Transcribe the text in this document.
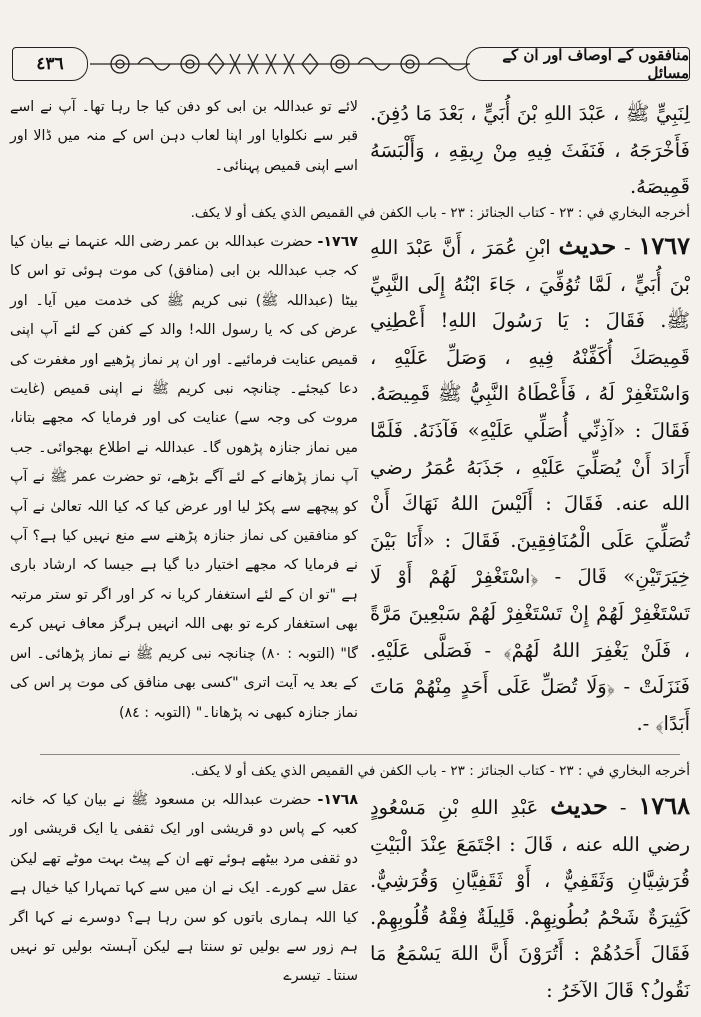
منافقوں کے اوصاف اور ان کے مسائل
٤٣٦
لِنَبِيٍّ ﷺ ، عَبْدَ اللهِ بْنَ أُبَيٍّ ، بَعْدَ مَا دُفِنَ. فَأَخْرَجَهُ ، فَنَفَثَ فِيهِ مِنْ رِيقِهِ ، وَأَلْبَسَهُ قَمِيصَهُ.
لائے تو عبداللہ بن ابی کو دفن کیا جا رہا تھا۔ آپ نے اسے قبر سے نکلوایا اور اپنا لعاب دہن اس کے منہ میں ڈالا اور اسے اپنی قمیص پہنائی۔
أخرجه البخاري في : ٢٣ - كتاب الجنائز : ٢٣ - باب الكفن في القميص الذي يكف أو لا يكف.
١٧٦٧ - حديث ابْنِ عُمَرَ ، أَنَّ عَبْدَ اللهِ بْنَ أُبَيٍّ ، لَمَّا تُوُفِّيَ ، جَاءَ ابْنُهُ إِلَى النَّبِيِّ ﷺ. فَقَالَ : يَا رَسُولَ اللهِ! أَعْطِنِي قَمِيصَكَ أُكَفِّنْهُ فِيهِ ، وَصَلِّ عَلَيْهِ ، وَاسْتَغْفِرْ لَهُ ، فَأَعْطَاهُ النَّبِيُّ ﷺ قَمِيصَهُ. فَقَالَ : «آذِنِّي أُصَلِّي عَلَيْهِ» فَآذَنَهُ. فَلَمَّا أَرَادَ أَنْ يُصَلِّيَ عَلَيْهِ ، جَذَبَهُ عُمَرُ رضي الله عنه. فَقَالَ : أَلَيْسَ اللهُ نَهَاكَ أَنْ تُصَلِّيَ عَلَى الْمُنَافِقِينَ. فَقَالَ : «أَنَا بَيْنَ خِيَرَتَيْنِ» قَالَ - ﴿اسْتَغْفِرْ لَهُمْ أَوْ لَا تَسْتَغْفِرْ لَهُمْ إِنْ تَسْتَغْفِرْ لَهُمْ سَبْعِينَ مَرَّةً ، فَلَنْ يَغْفِرَ اللهُ لَهُمْ﴾ - فَصَلَّى عَلَيْهِ. فَنَزَلَتْ - ﴿وَلَا تُصَلِّ عَلَى أَحَدٍ مِنْهُمْ مَاتَ أَبَدًا﴾ -.
١٧٦٧- حضرت عبداللہ بن عمر رضی اللہ عنہما نے بیان کیا کہ جب عبداللہ بن ابی (منافق) کی موت ہوئی تو اس کا بیٹا (عبداللہ ﷺ) نبی کریم ﷺ کی خدمت میں آیا۔ اور عرض کی کہ یا رسول اللہ! والد کے کفن کے لئے آپ اپنی قمیص عنایت فرمائیے۔ اور ان پر نماز پڑھیے اور مغفرت کی دعا کیجئے۔ چنانچہ نبی کریم ﷺ نے اپنی قمیص (غایت مروت کی وجہ سے) عنایت کی اور فرمایا کہ مجھے بتانا، میں نماز جنازہ پڑھوں گا۔ عبداللہ نے اطلاع بھجوائی۔ جب آپ نماز پڑھانے کے لئے آگے بڑھے، تو حضرت عمر ﷺ نے آپ کو پیچھے سے پکڑ لیا اور عرض کیا کہ کیا اللہ تعالیٰ نے آپ کو منافقین کی نماز جنازہ پڑھنے سے منع نہیں کیا ہے؟ آپ نے فرمایا کہ مجھے اختیار دیا گیا ہے جیسا کہ ارشاد باری ہے "تو ان کے لئے استغفار کریا نہ کر اور اگر تو ستر مرتبہ بھی استغفار کرے تو بھی اللہ انہیں ہرگز معاف نہیں کرے گا" (التوبہ : ٨٠) چنانچہ نبی کریم ﷺ نے نماز پڑھائی۔ اس کے بعد یہ آیت اتری "کسی بھی منافق کی موت پر اس کی نماز جنازہ کبھی نہ پڑھانا۔" (التوبہ : ٨٤)
أخرجه البخاري في : ٢٣ - كتاب الجنائز : ٢٣ - باب الكفن في القميص الذي يكف أو لا يكف.
١٧٦٨ - حديث عَبْدِ اللهِ بْنِ مَسْعُودٍ رضي الله عنه ، قَالَ : اجْتَمَعَ عِنْدَ الْبَيْتِ قُرَشِيَّانِ وَثَقَفِيٌّ ، أَوْ ثَقَفِيَّانِ وَقُرَشِيٌّ. كَثِيرَةٌ شَحْمُ بُطُونِهِمْ. قَلِيلَةٌ فِقْهُ قُلُوبِهِمْ. فَقَالَ أَحَدُهُمْ : أَتُرَوْنَ أَنَّ اللهَ يَسْمَعُ مَا نَقُولُ؟ قَالَ الآخَرُ :
١٧٦٨- حضرت عبداللہ بن مسعود ﷺ نے بیان کیا کہ خانہ کعبہ کے پاس دو قریشی اور ایک ثقفی یا ایک قریشی اور دو ثقفی مرد بیٹھے ہوئے تھے ان کے پیٹ بہت موٹے تھے لیکن عقل سے کورے۔ ایک نے ان میں سے کہا تمہارا کیا خیال ہے کیا اللہ ہماری باتوں کو سن رہا ہے؟ دوسرے نے کہا اگر ہم زور سے بولیں تو سنتا ہے لیکن آہستہ بولیں تو نہیں سنتا۔ تیسرے
